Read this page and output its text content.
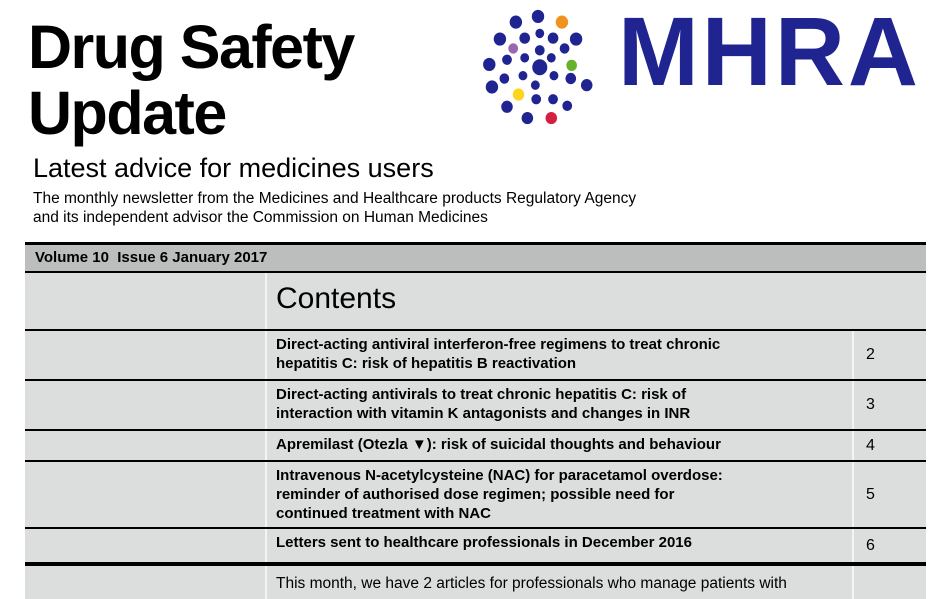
Drug Safety
Update
MHRA
Latest advice for medicines users
The monthly newsletter from the Medicines and Healthcare products Regulatory Agency
and its independent advisor the Commission on Human Medicines
Volume 10  Issue 6 January 2017
Contents
Direct-acting antiviral interferon-free regimens to treat chronic
hepatitis C: risk of hepatitis B reactivation
2
Direct-acting antivirals to treat chronic hepatitis C: risk of
interaction with vitamin K antagonists and changes in INR
3
Apremilast (Otezla ▼): risk of suicidal thoughts and behaviour	4
Intravenous N-acetylcysteine (NAC) for paracetamol overdose:
reminder of authorised dose regimen; possible need for
continued treatment with NAC
5
Letters sent to healthcare professionals in December 2016	6
This month, we have 2 articles for professionals who manage patients with
